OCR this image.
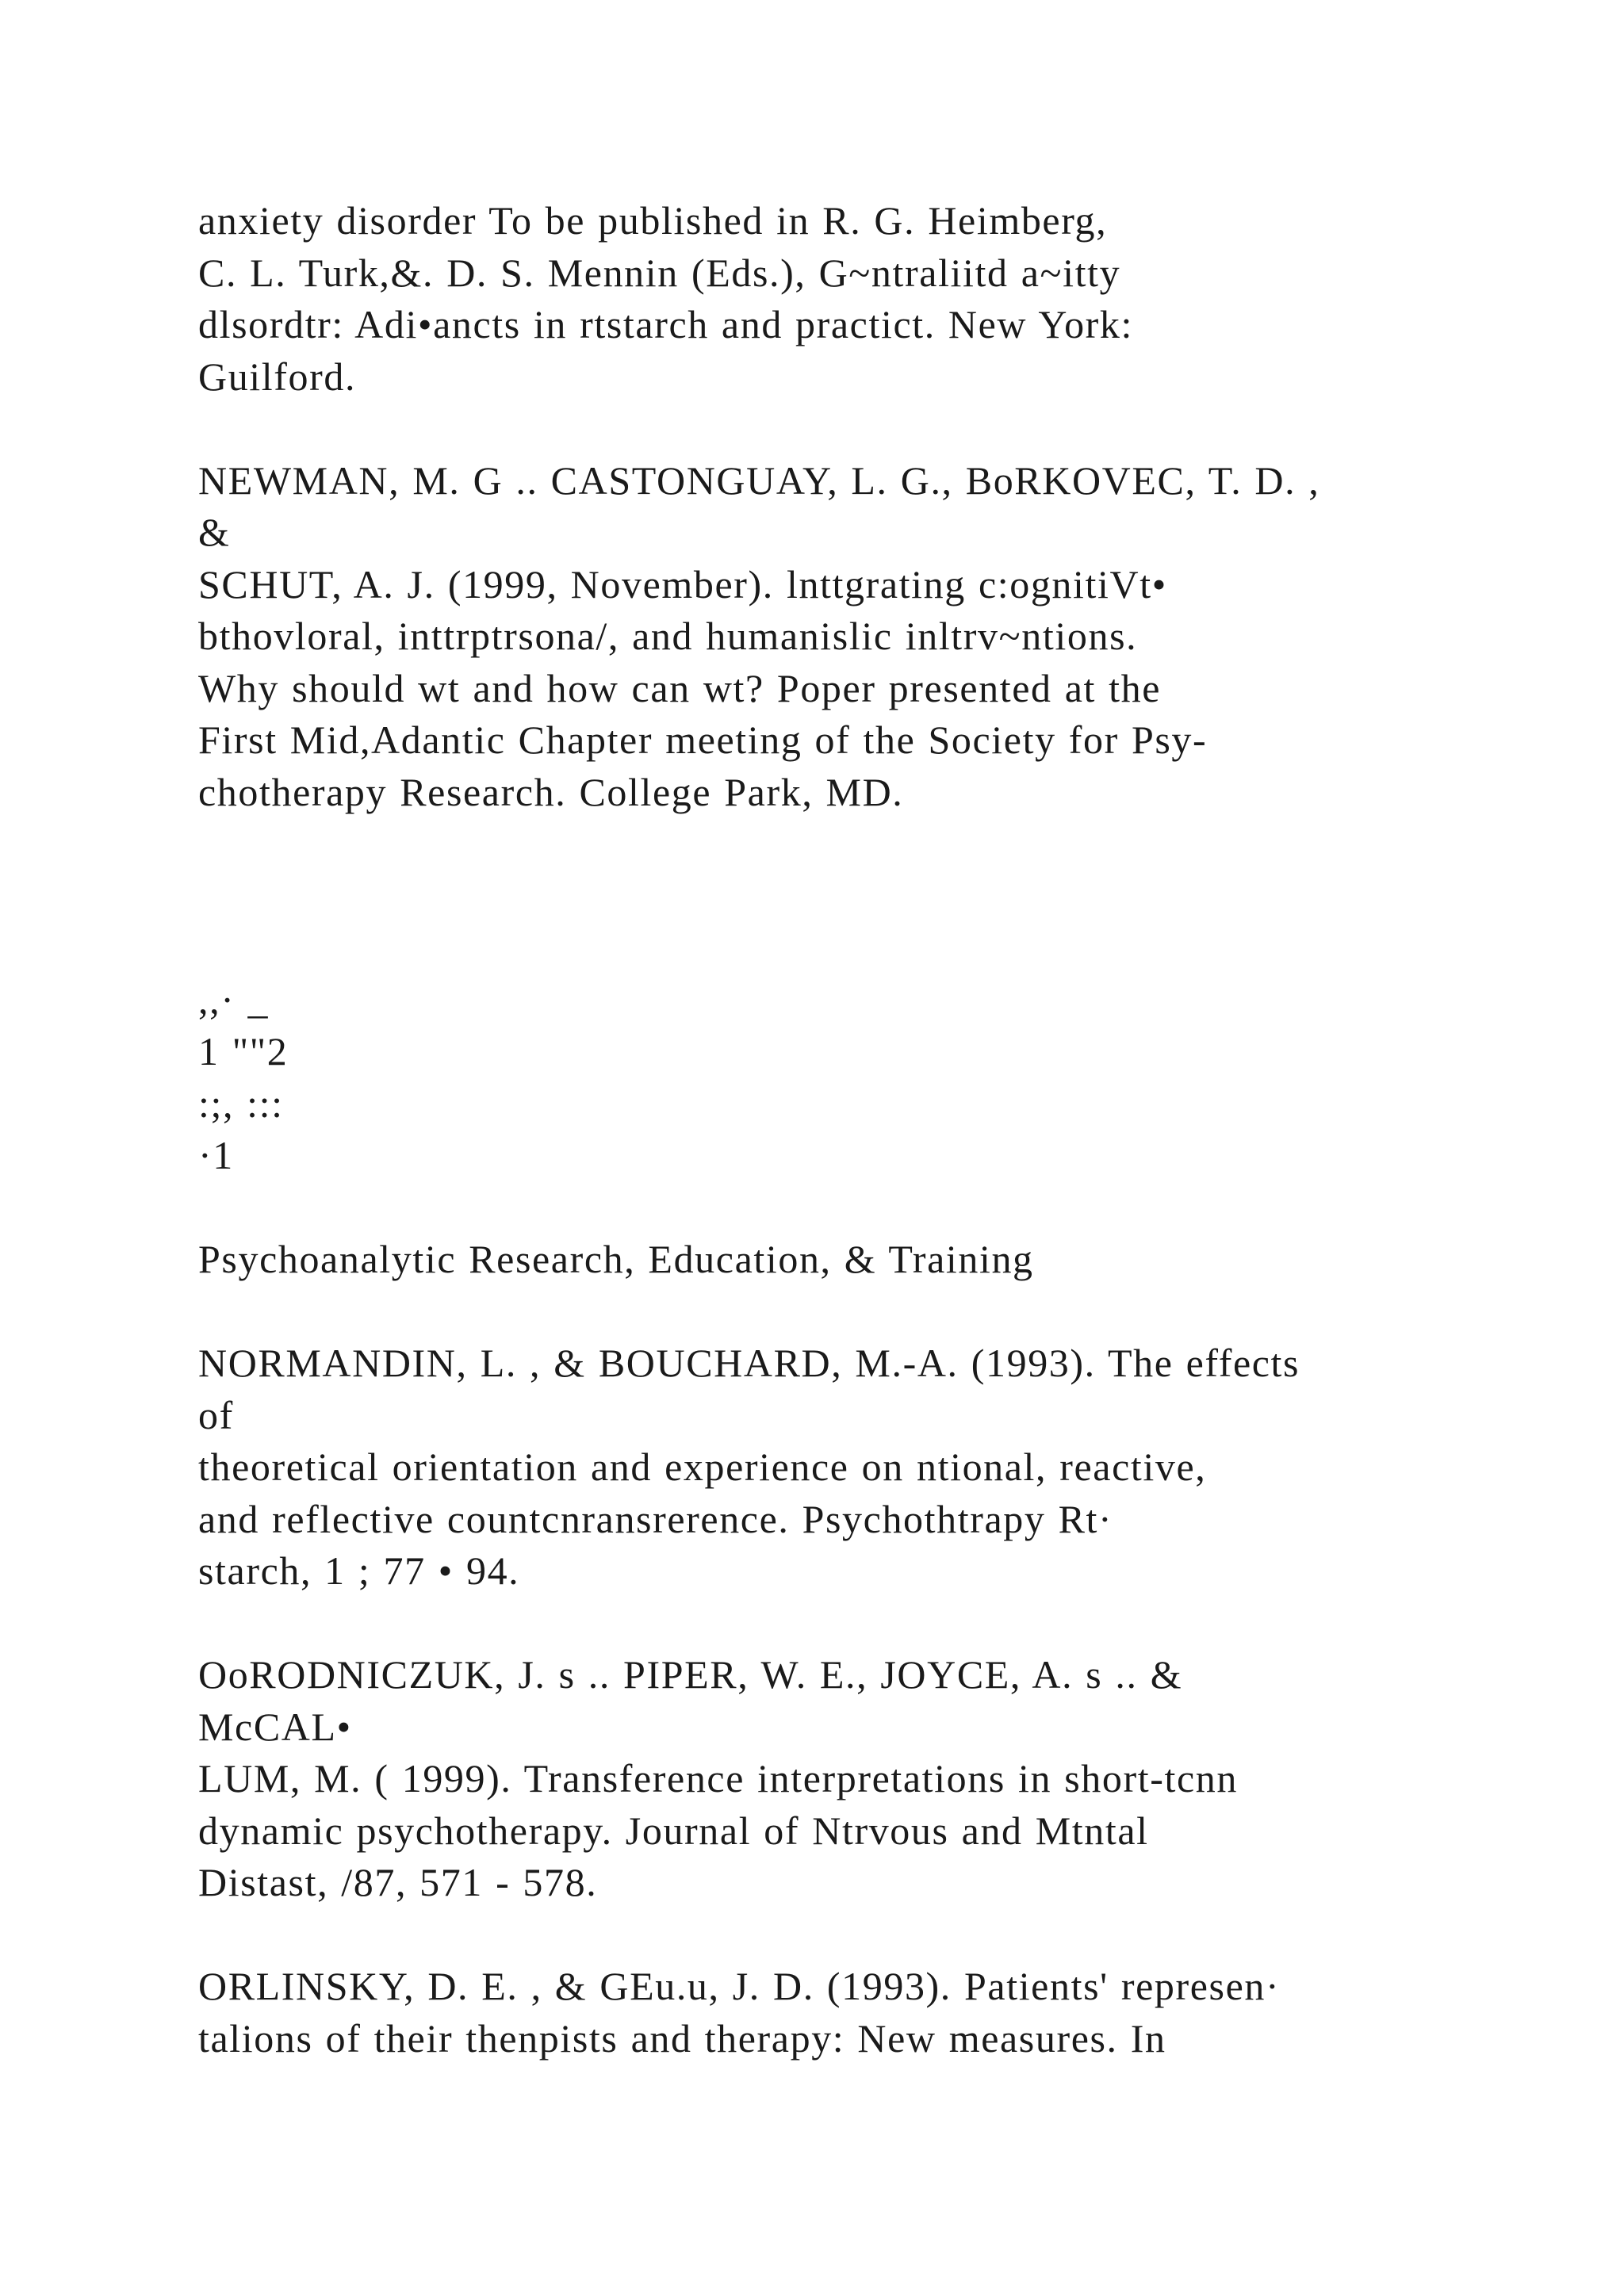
anxiety disorder To be published in R. G. Heimberg,
C. L. Turk,&. D. S. Mennin (Eds.), G~ntraliitd a~itty
dlsordtr: Adi•ancts in rtstarch and practict. New York:
Guilford.
NEWMAN, M. G .. CASTONGUAY, L. G., BoRKOVEC, T. D. ,
&
SCHUT, A. J. (1999, November). lnttgrating c:ognitiVt•
bthovloral, inttrptrsona/, and humanislic inltrv~ntions.
Why should wt and how can wt? Poper presented at the
First Mid,Adantic Chapter meeting of the Society for Psy-
chotherapy Research. College Park, MD.
,,· _
1 ""2
:;, :::
·1
Psychoanalytic Research, Education, & Training
NORMANDIN, L. , & BOUCHARD, M.-A. (1993). The effects
of
theoretical orientation and experience on ntional, reactive,
and reflective countcnransrerence. Psychothtrapy Rt·
starch, 1 ; 77 • 94.
OoRODNICZUK, J. s .. PIPER, W. E., JOYCE, A. s .. &
McCAL•
LUM, M. ( 1999). Transference interpretations in short-tcnn
dynamic psychotherapy. Journal of Ntrvous and Mtntal
Distast, /87, 571 - 578.
ORLINSKY, D. E. , & GEu.u, J. D. (1993). Patients' represen·
talions of their thenpists and therapy: New measures. In
